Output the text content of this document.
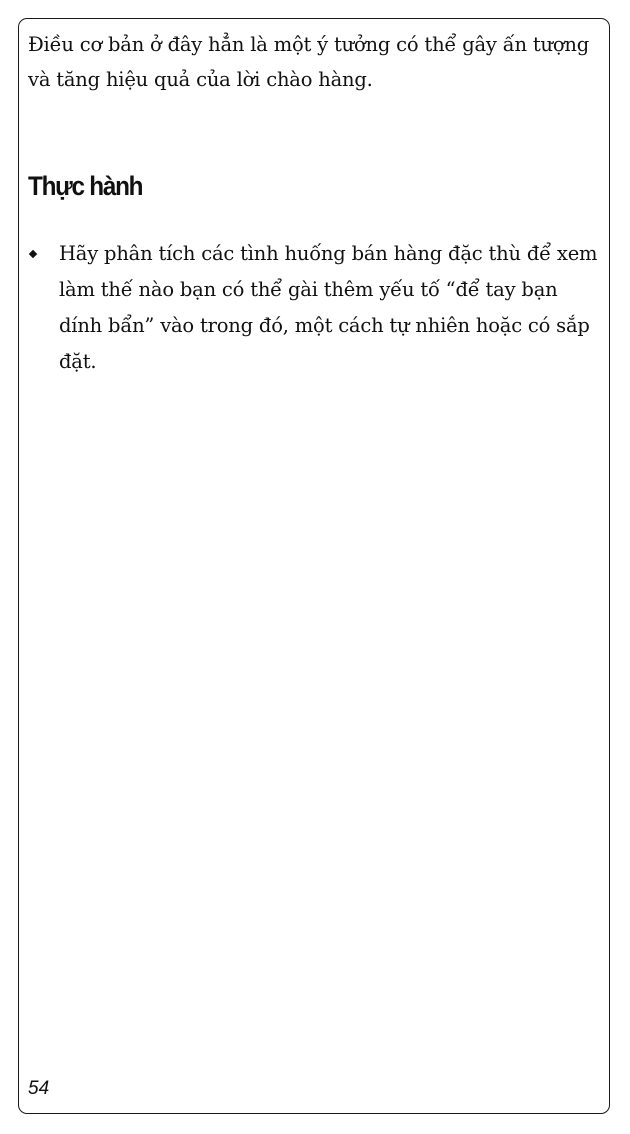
Điều cơ bản ở đây hẳn là một ý tưởng có thể gây ấn tượng và tăng hiệu quả của lời chào hàng.

Thực hành
Hãy phân tích các tình huống bán hàng đặc thù để xem làm thế nào bạn có thể gài thêm yếu tố “để tay bạn dính bẩn” vào trong đó, một cách tự nhiên hoặc có sắp đặt.
54
